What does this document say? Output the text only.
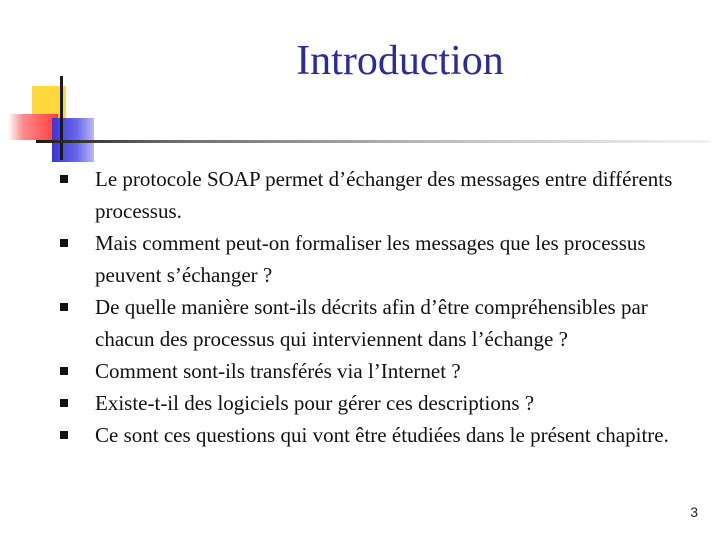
Introduction
Le protocole SOAP permet d’échanger des messages entre différents processus.
Mais comment peut-on formaliser les messages que les processus peuvent s’échanger ?
De quelle manière sont-ils décrits afin d’être compréhensibles par chacun des processus qui interviennent dans l’échange ?
Comment sont-ils transférés via l’Internet ?
Existe-t-il des logiciels pour gérer ces descriptions ?
Ce sont ces questions qui vont être étudiées dans le présent chapitre.
3
